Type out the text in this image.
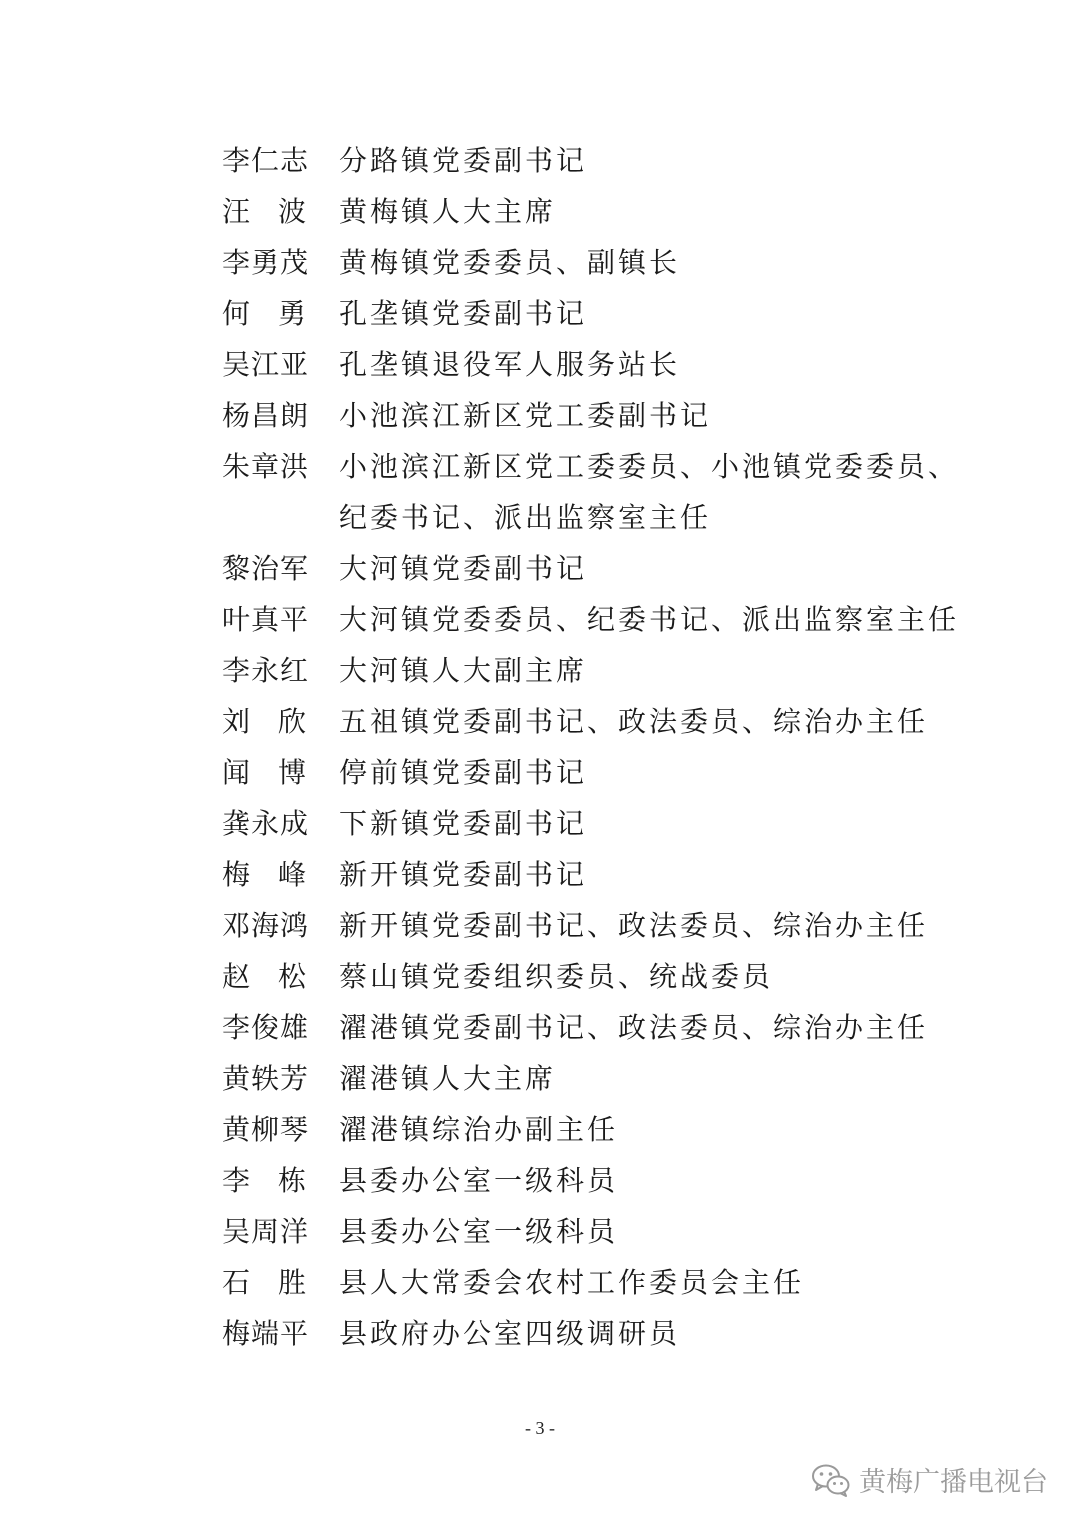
李仁志	分路镇党委副书记
汪波	黄梅镇人大主席
李勇茂	黄梅镇党委委员、副镇长
何勇	孔垄镇党委副书记
吴江亚	孔垄镇退役军人服务站长
杨昌朗	小池滨江新区党工委副书记
朱章洪	小池滨江新区党工委委员、小池镇党委委员、
纪委书记、派出监察室主任
黎治军	大河镇党委副书记
叶真平	大河镇党委委员、纪委书记、派出监察室主任
李永红	大河镇人大副主席
刘欣	五祖镇党委副书记、政法委员、综治办主任
闻博	停前镇党委副书记
龚永成	下新镇党委副书记
梅峰	新开镇党委副书记
邓海鸿	新开镇党委副书记、政法委员、综治办主任
赵松	蔡山镇党委组织委员、统战委员
李俊雄	濯港镇党委副书记、政法委员、综治办主任
黄轶芳	濯港镇人大主席
黄柳琴	濯港镇综治办副主任
李栋	县委办公室一级科员
吴周洋	县委办公室一级科员
石胜	县人大常委会农村工作委员会主任
梅端平	县政府办公室四级调研员
- 3 -
黄梅广播电视台
